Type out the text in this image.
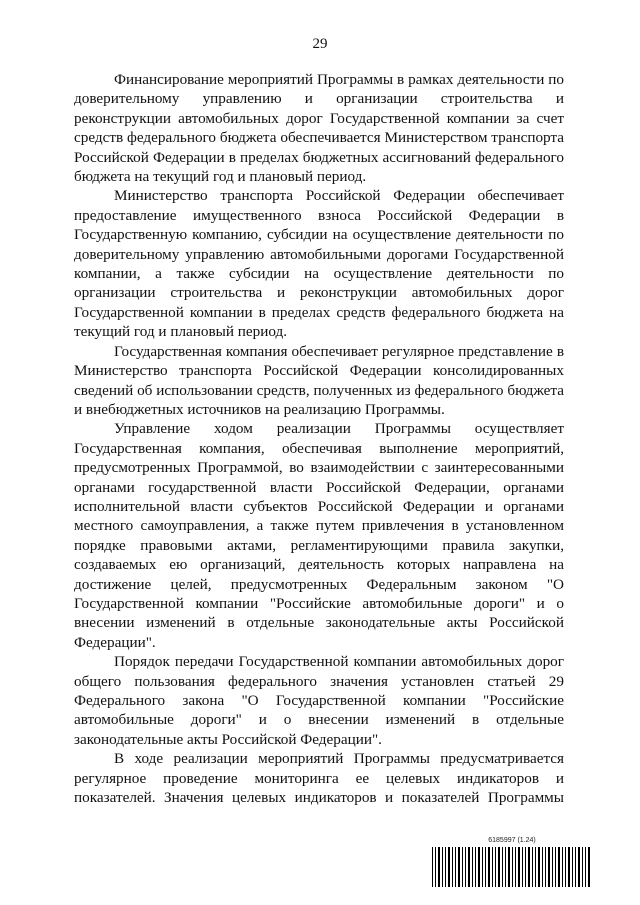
29

Финансирование мероприятий Программы в рамках деятельности по доверительному управлению и организации строительства и реконструкции автомобильных дорог Государственной компании за счет средств федерального бюджета обеспечивается Министерством транспорта Российской Федерации в пределах бюджетных ассигнований федерального бюджета на текущий год и плановый период.

Министерство транспорта Российской Федерации обеспечивает предоставление имущественного взноса Российской Федерации в Государственную компанию, субсидии на осуществление деятельности по доверительному управлению автомобильными дорогами Государственной компании, а также субсидии на осуществление деятельности по организации строительства и реконструкции автомобильных дорог Государственной компании в пределах средств федерального бюджета на текущий год и плановый период.

Государственная компания обеспечивает регулярное представление в Министерство транспорта Российской Федерации консолидированных сведений об использовании средств, полученных из федерального бюджета и внебюджетных источников на реализацию Программы.

Управление ходом реализации Программы осуществляет Государственная компания, обеспечивая выполнение мероприятий, предусмотренных Программой, во взаимодействии с заинтересованными органами государственной власти Российской Федерации, органами исполнительной власти субъектов Российской Федерации и органами местного самоуправления, а также путем привлечения в установленном порядке правовыми актами, регламентирующими правила закупки, создаваемых ею организаций, деятельность которых направлена на достижение целей, предусмотренных Федеральным законом "О Государственной компании "Российские автомобильные дороги" и о внесении изменений в отдельные законодательные акты Российской Федерации".

Порядок передачи Государственной компании автомобильных дорог общего пользования федерального значения установлен статьей 29 Федерального закона "О Государственной компании "Российские автомобильные дороги" и о внесении изменений в отдельные законодательные акты Российской Федерации".

В ходе реализации мероприятий Программы предусматривается регулярное проведение мониторинга ее целевых индикаторов и показателей. Значения целевых индикаторов и показателей Программы

6185997 (1.24)
